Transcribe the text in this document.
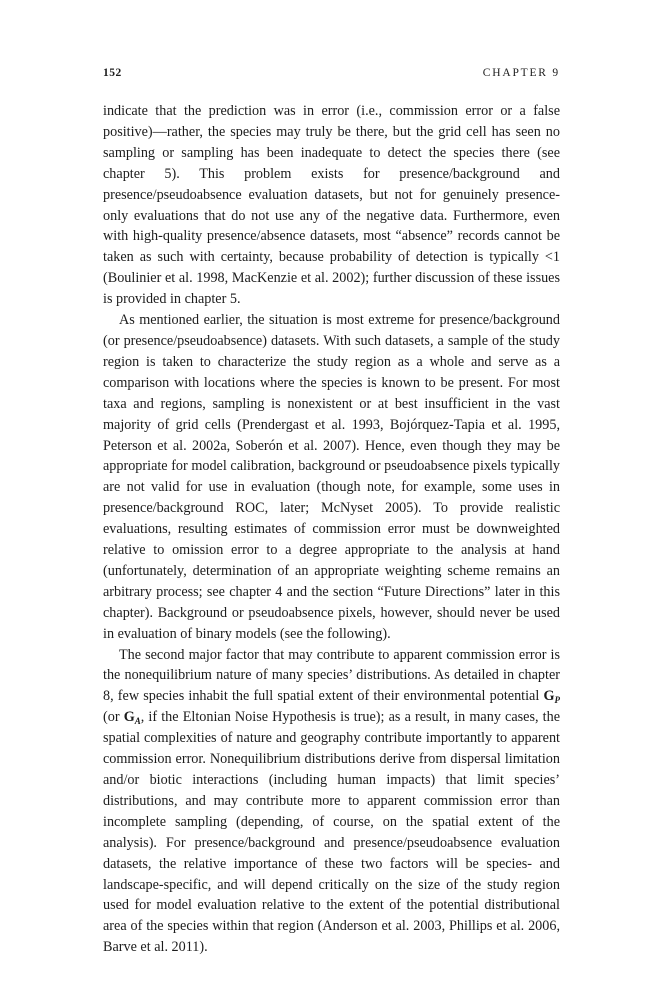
152	CHAPTER 9

indicate that the prediction was in error (i.e., commission error or a false positive)—rather, the species may truly be there, but the grid cell has seen no sampling or sampling has been inadequate to detect the species there (see chapter 5). This problem exists for presence/background and presence/pseudoabsence evaluation datasets, but not for genuinely presence-only evaluations that do not use any of the negative data. Furthermore, even with high-quality presence/absence datasets, most “absence” records cannot be taken as such with certainty, because probability of detection is typically <1 (Boulinier et al. 1998, MacKenzie et al. 2002); further discussion of these issues is provided in chapter 5.

As mentioned earlier, the situation is most extreme for presence/background (or presence/pseudoabsence) datasets. With such datasets, a sample of the study region is taken to characterize the study region as a whole and serve as a comparison with locations where the species is known to be present. For most taxa and regions, sampling is nonexistent or at best insufficient in the vast majority of grid cells (Prendergast et al. 1993, Bojórquez-Tapia et al. 1995, Peterson et al. 2002a, Soberón et al. 2007). Hence, even though they may be appropriate for model calibration, background or pseudoabsence pixels typically are not valid for use in evaluation (though note, for example, some uses in presence/background ROC, later; McNyset 2005). To provide realistic evaluations, resulting estimates of commission error must be downweighted relative to omission error to a degree appropriate to the analysis at hand (unfortunately, determination of an appropriate weighting scheme remains an arbitrary process; see chapter 4 and the section “Future Directions” later in this chapter). Background or pseudoabsence pixels, however, should never be used in evaluation of binary models (see the following).

The second major factor that may contribute to apparent commission error is the nonequilibrium nature of many species’ distributions. As detailed in chapter 8, few species inhabit the full spatial extent of their environmental potential $G_P$ (or $G_A$, if the Eltonian Noise Hypothesis is true); as a result, in many cases, the spatial complexities of nature and geography contribute importantly to apparent commission error. Nonequilibrium distributions derive from dispersal limitation and/or biotic interactions (including human impacts) that limit species’ distributions, and may contribute more to apparent commission error than incomplete sampling (depending, of course, on the spatial extent of the analysis). For presence/background and presence/pseudoabsence evaluation datasets, the relative importance of these two factors will be species- and landscape-specific, and will depend critically on the size of the study region used for model evaluation relative to the extent of the potential distributional area of the species within that region (Anderson et al. 2003, Phillips et al. 2006, Barve et al. 2011).
